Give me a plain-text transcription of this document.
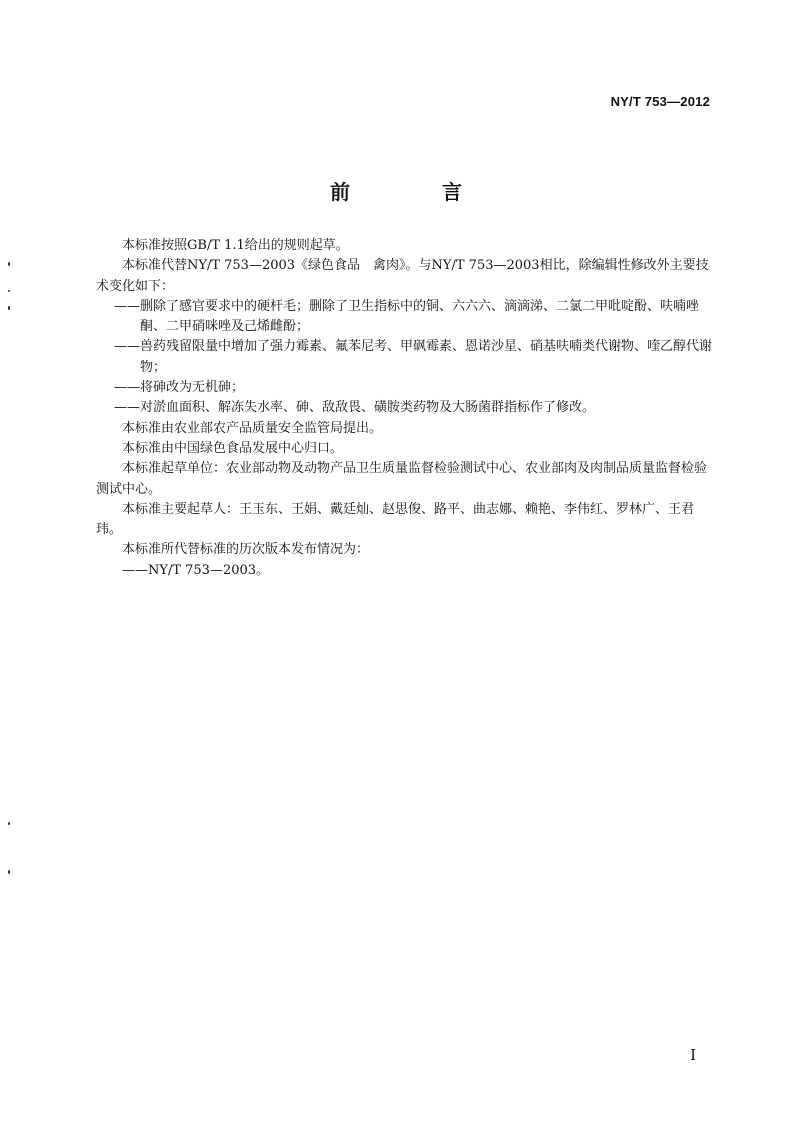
NY/T 753—2012
前　言

本标准按照GB/T 1.1给出的规则起草。

本标准代替NY/T 753—2003《绿色食品　禽肉》。与NY/T 753—2003相比，除编辑性修改外主要技术变化如下：

——删除了感官要求中的硬杆毛；删除了卫生指标中的铜、六六六、滴滴涕、二氯二甲吡啶酚、呋喃唑酮、二甲硝咪唑及己烯雌酚；

——兽药残留限量中增加了强力霉素、氟苯尼考、甲砜霉素、恩诺沙星、硝基呋喃类代谢物、喹乙醇代谢物；

——将砷改为无机砷；

——对淤血面积、解冻失水率、砷、敌敌畏、磺胺类药物及大肠菌群指标作了修改。

本标准由农业部农产品质量安全监管局提出。

本标准由中国绿色食品发展中心归口。

本标准起草单位：农业部动物及动物产品卫生质量监督检验测试中心、农业部肉及肉制品质量监督检验测试中心。

本标准主要起草人：王玉东、王娟、戴廷灿、赵思俊、路平、曲志娜、赖艳、李伟红、罗林广、王君玮。

本标准所代替标准的历次版本发布情况为：

——NY/T 753—2003。

I
